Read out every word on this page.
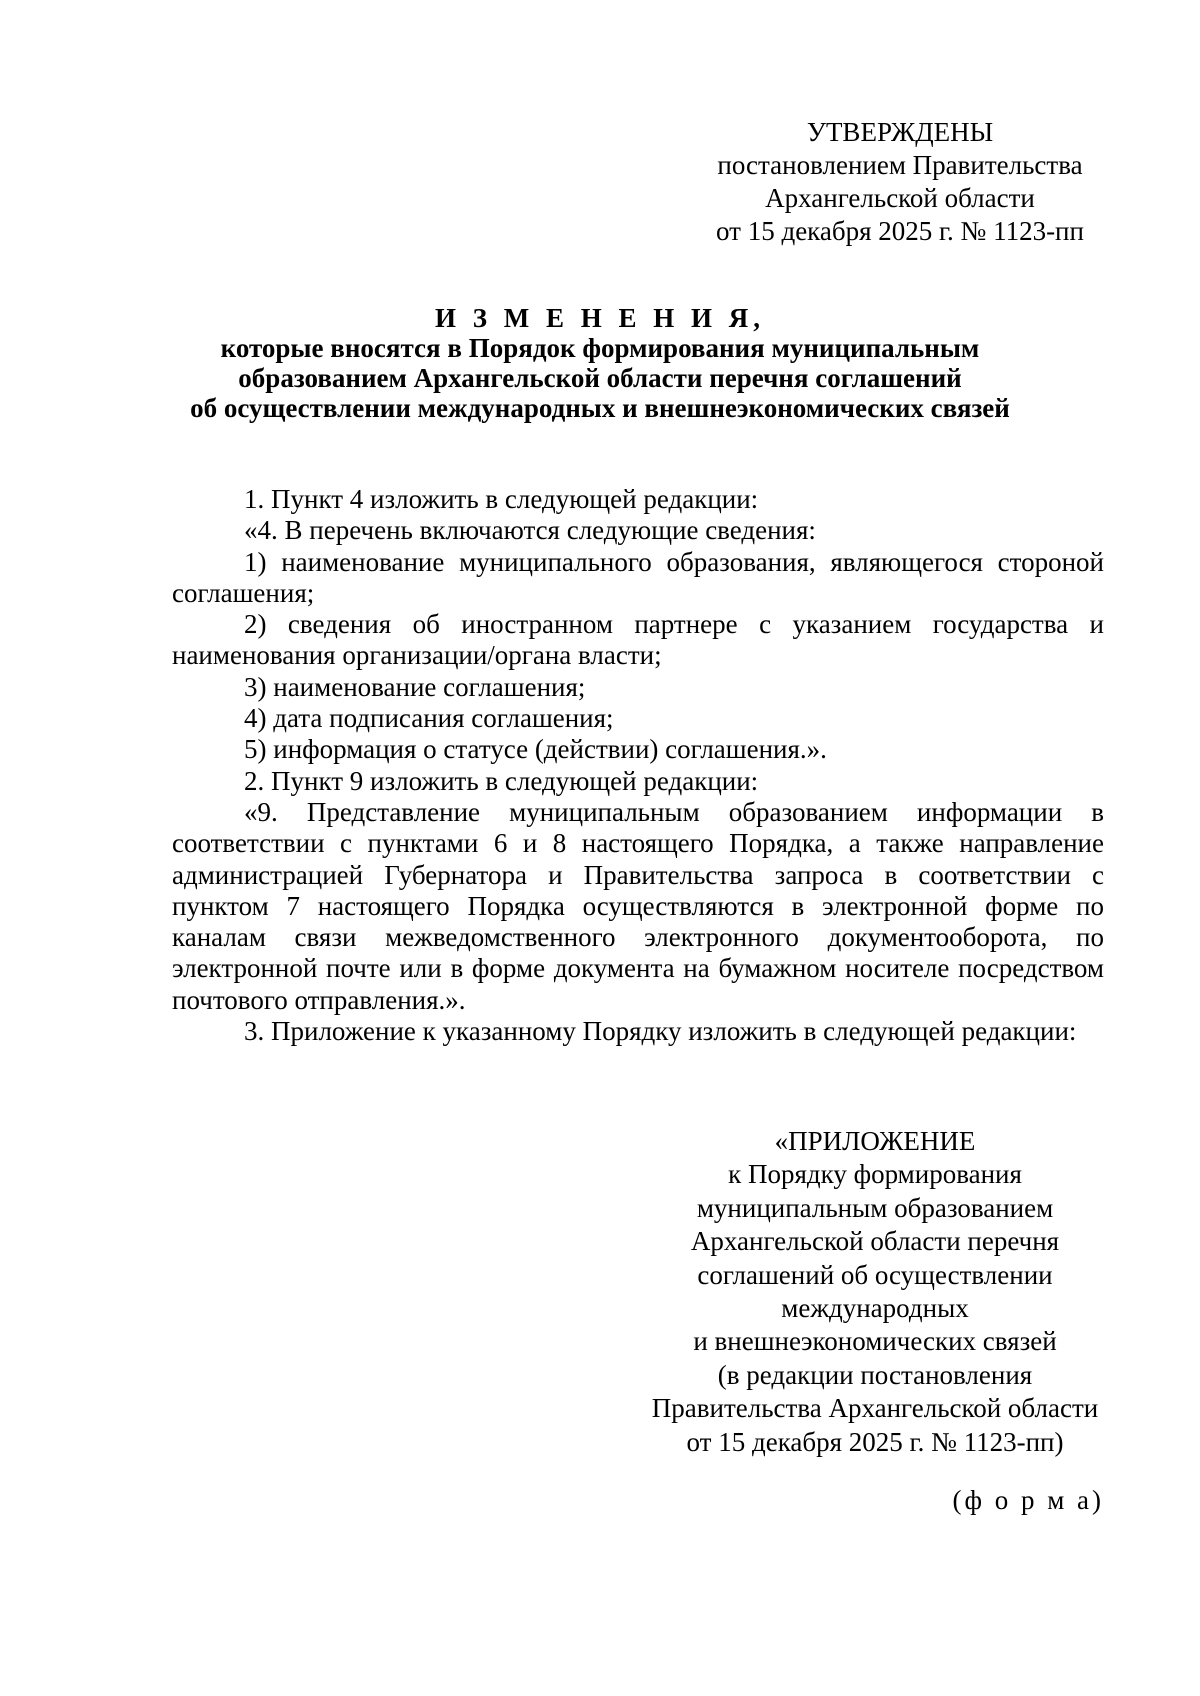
УТВЕРЖДЕНЫ
постановлением Правительства
Архангельской области
от 15 декабря 2025 г. № 1123-пп
И З М Е Н Е Н И Я,
которые вносятся в Порядок формирования муниципальным
образованием Архангельской области перечня соглашений
об осуществлении международных и внешнеэкономических связей

1. Пункт 4 изложить в следующей редакции:

«4. В перечень включаются следующие сведения:

1) наименование муниципального образования, являющегося стороной соглашения;

2) сведения об иностранном партнере с указанием государства и наименования организации/органа власти;

3) наименование соглашения;

4) дата подписания соглашения;

5) информация о статусе (действии) соглашения.».

2. Пункт 9 изложить в следующей редакции:

«9. Представление муниципальным образованием информации в соответствии с пунктами 6 и 8 настоящего Порядка, а также направление администрацией Губернатора и Правительства запроса в соответствии с пунктом 7 настоящего Порядка осуществляются в электронной форме по каналам связи межведомственного электронного документооборота, по электронной почте или в форме документа на бумажном носителе посредством почтового отправления.».

3. Приложение к указанному Порядку изложить в следующей редакции:

«ПРИЛОЖЕНИЕ
к Порядку формирования
муниципальным образованием
Архангельской области перечня
соглашений об осуществлении
международных
и внешнеэкономических связей
(в редакции постановления
Правительства Архангельской области
от 15 декабря 2025 г. № 1123-пп)
(ф о р м а)
